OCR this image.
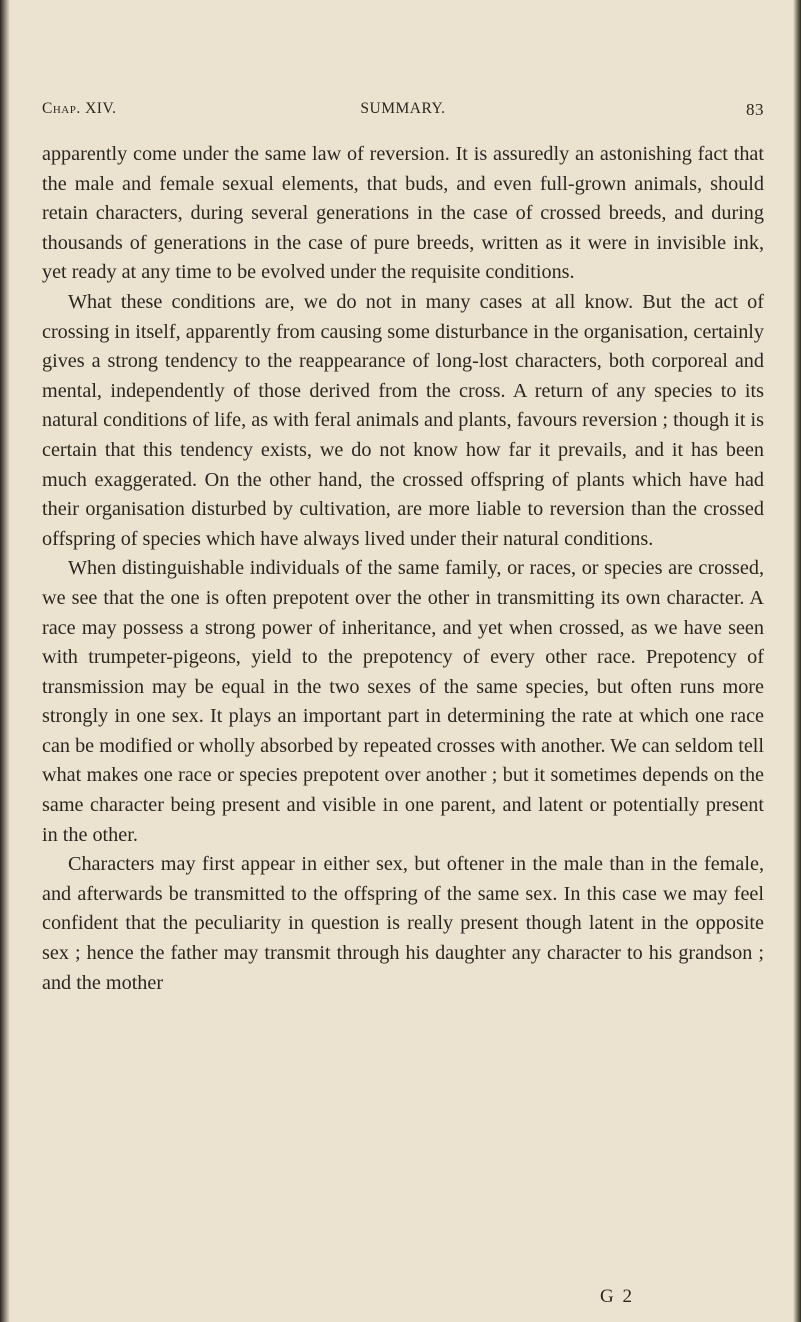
Chap. XIV.	SUMMARY.	83

apparently come under the same law of reversion. It is assuredly an astonishing fact that the male and female sexual elements, that buds, and even full-grown animals, should retain characters, during several generations in the case of crossed breeds, and during thousands of generations in the case of pure breeds, written as it were in invisible ink, yet ready at any time to be evolved under the requisite conditions.

What these conditions are, we do not in many cases at all know. But the act of crossing in itself, apparently from causing some disturbance in the organisation, certainly gives a strong tendency to the reappearance of long-lost characters, both corporeal and mental, independently of those derived from the cross. A return of any species to its natural conditions of life, as with feral animals and plants, favours reversion ; though it is certain that this tendency exists, we do not know how far it prevails, and it has been much exaggerated. On the other hand, the crossed offspring of plants which have had their organisation disturbed by cultivation, are more liable to reversion than the crossed offspring of species which have always lived under their natural conditions.

When distinguishable individuals of the same family, or races, or species are crossed, we see that the one is often prepotent over the other in transmitting its own character. A race may possess a strong power of inheritance, and yet when crossed, as we have seen with trumpeter-pigeons, yield to the prepotency of every other race. Prepotency of transmission may be equal in the two sexes of the same species, but often runs more strongly in one sex. It plays an important part in determining the rate at which one race can be modified or wholly absorbed by repeated crosses with another. We can seldom tell what makes one race or species prepotent over another ; but it sometimes depends on the same character being present and visible in one parent, and latent or potentially present in the other.

Characters may first appear in either sex, but oftener in the male than in the female, and afterwards be transmitted to the offspring of the same sex. In this case we may feel confident that the peculiarity in question is really present though latent in the opposite sex ; hence the father may transmit through his daughter any character to his grandson ; and the mother

G 2
